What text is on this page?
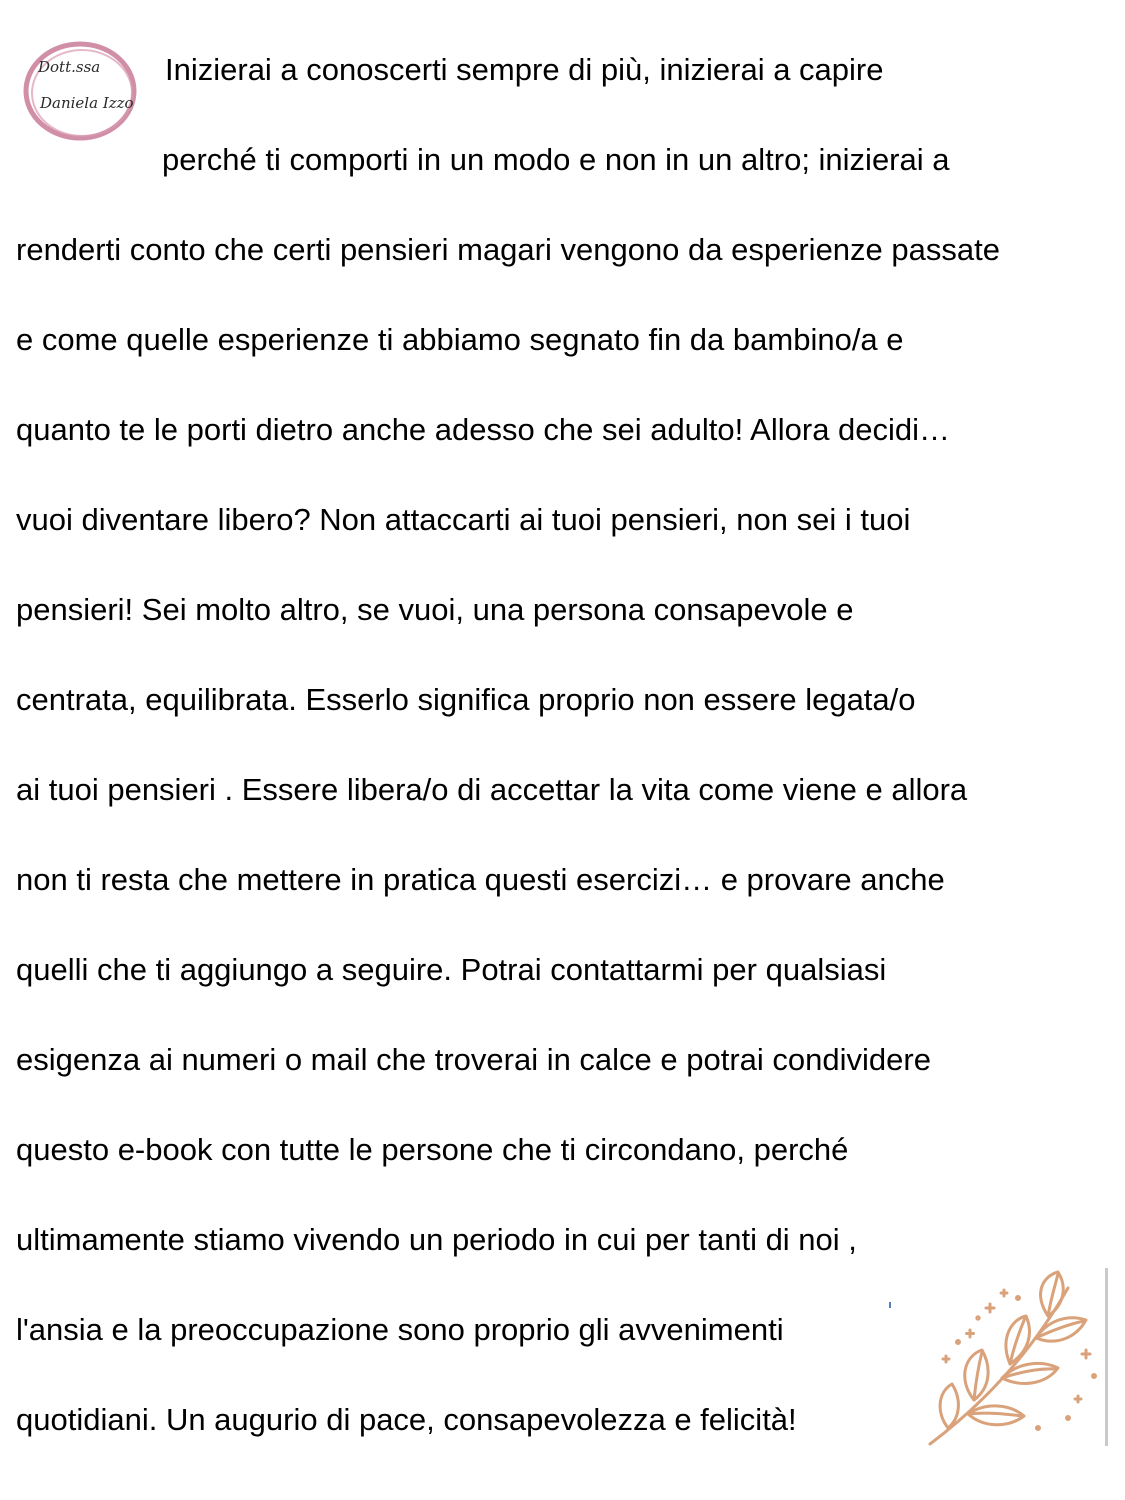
Dott.ssa
Daniela Izzo
Inizierai a conoscerti sempre di più, inizierai a capire
perché ti comporti in un modo e non in un altro; inizierai a
renderti conto che certi pensieri magari vengono da esperienze passate
e come quelle esperienze ti abbiamo segnato fin da bambino/a e
quanto te le porti dietro anche adesso che sei adulto! Allora decidi…
vuoi diventare libero? Non attaccarti ai tuoi pensieri, non sei i tuoi
pensieri! Sei molto altro, se vuoi, una persona consapevole e
centrata, equilibrata. Esserlo significa proprio non essere legata/o
ai tuoi pensieri . Essere libera/o di accettar la vita come viene e allora
non ti resta che mettere in pratica questi esercizi… e provare anche
quelli che ti aggiungo a seguire. Potrai contattarmi per qualsiasi
esigenza ai numeri o mail che troverai in calce e potrai condividere
questo e-book con tutte le persone che ti circondano, perché
ultimamente stiamo vivendo un periodo in cui per tanti di noi ,
l'ansia e la preoccupazione sono proprio gli avvenimenti
quotidiani. Un augurio di pace, consapevolezza e felicità!
